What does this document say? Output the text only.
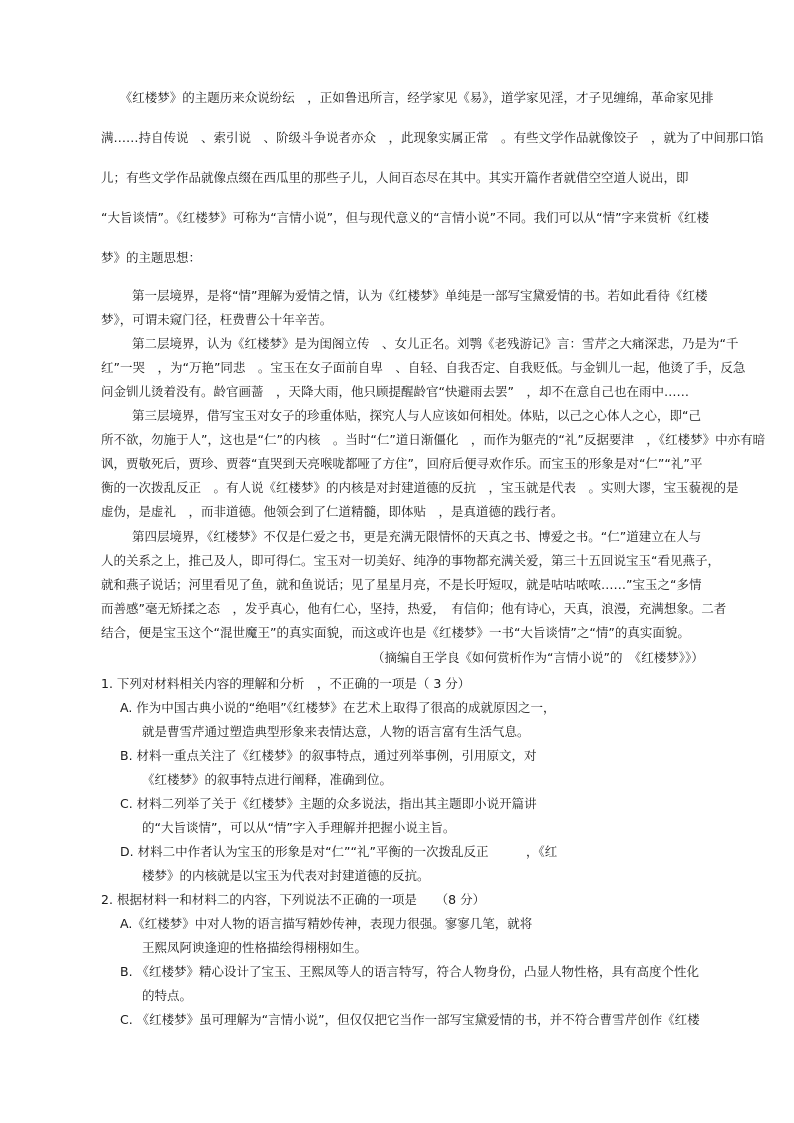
　　《红楼梦》的主题历来众说纷纭　，正如鲁迅所言，经学家见《易》，道学家见淫，才子见缠绵，革命家见排
满……持自传说　、索引说　、阶级斗争说者亦众　，此现象实属正常　。有些文学作品就像饺子　，就为了中间那口馅
儿；有些文学作品就像点缀在西瓜里的那些子儿，人间百态尽在其中。其实开篇作者就借空空道人说出，即
“大旨谈情”。《红楼梦》可称为“言情小说”，但与现代意义的“言情小说”不同。我们可以从“情”字来赏析《红楼
梦》的主题思想：
第一层境界，是将“情”理解为爱情之情，认为《红楼梦》单纯是一部写宝黛爱情的书。若如此看待《红楼
梦》，可谓未窥门径，枉费曹公十年辛苦。
第二层境界，认为《红楼梦》是为闺阁立传　、女儿正名。刘鹗《老残游记》言：雪芹之大痛深悲，乃是为“千
红”一哭　，为“万艳”同悲　。宝玉在女子面前自卑　、自轻、自我否定、自我贬低。与金钏儿一起，他烫了手，反急
问金钏儿烫着没有。龄官画蔷　，天降大雨，他只顾提醒龄官“快避雨去罢”　，却不在意自己也在雨中……
第三层境界，借写宝玉对女子的珍重体贴，探究人与人应该如何相处。体贴，以己之心体人之心，即“己
所不欲，勿施于人”，这也是“仁”的内核　。当时“仁”道日渐僵化　，而作为躯壳的“礼”反据要津　，《红楼梦》中亦有暗
讽，贾敬死后，贾珍、贾蓉“直哭到天亮喉咙都哑了方住”，回府后便寻欢作乐。而宝玉的形象是对“仁”“礼”平
衡的一次拨乱反正　。有人说《红楼梦》的内核是对封建道德的反抗　，宝玉就是代表　。实则大谬，宝玉藐视的是
虚伪，是虚礼　，而非道德。他领会到了仁道精髓，即体贴　，是真道德的践行者。
第四层境界，《红楼梦》不仅是仁爱之书，更是充满无限情怀的天真之书、博爱之书。“仁”道建立在人与
人的关系之上，推己及人，即可得仁。宝玉对一切美好、纯净的事物都充满关爱，第三十五回说宝玉“看见燕子，
就和燕子说话；河里看见了鱼，就和鱼说话；见了星星月亮，不是长吁短叹，就是咕咕哝哝……”宝玉之“多情
而善感”毫无矫揉之态　，发乎真心，他有仁心，坚持，热爱，　有信仰；他有诗心，天真，浪漫，充满想象。二者
结合，便是宝玉这个“混世魔王”的真实面貌，而这或许也是《红楼梦》一书“大旨谈情”之“情”的真实面貌。
（摘编自王学良《如何赏析作为“言情小说”的　《红楼梦》》）
1. 下列对材料相关内容的理解和分析　，不正确的一项是（ 3 分）
A. 作为中国古典小说的“绝唱”《红楼梦》在艺术上取得了很高的成就原因之一，
就是曹雪芹通过塑造典型形象来表情达意，人物的语言富有生活气息。
B. 材料一重点关注了《红楼梦》的叙事特点，通过列举事例，引用原文，对
《红楼梦》的叙事特点进行阐释，准确到位。
C. 材料二列举了关于《红楼梦》主题的众多说法，指出其主题即小说开篇讲
的“大旨谈情”，可以从“情”字入手理解并把握小说主旨。
D. 材料二中作者认为宝玉的形象是对“仁”“礼”平衡的一次拨乱反正　　　，《红
楼梦》的内核就是以宝玉为代表对封建道德的反抗。
2. 根据材料一和材料二的内容，下列说法不正确的一项是　　（8 分）
A.《红楼梦》中对人物的语言描写精妙传神，表现力很强。寥寥几笔，就将
王熙凤阿谀逢迎的性格描绘得栩栩如生。
B. 《红楼梦》精心设计了宝玉、王熙凤等人的语言特写，符合人物身份，凸显人物性格，具有高度个性化
的特点。
C. 《红楼梦》虽可理解为“言情小说”，但仅仅把它当作一部写宝黛爱情的书，并不符合曹雪芹创作《红楼
